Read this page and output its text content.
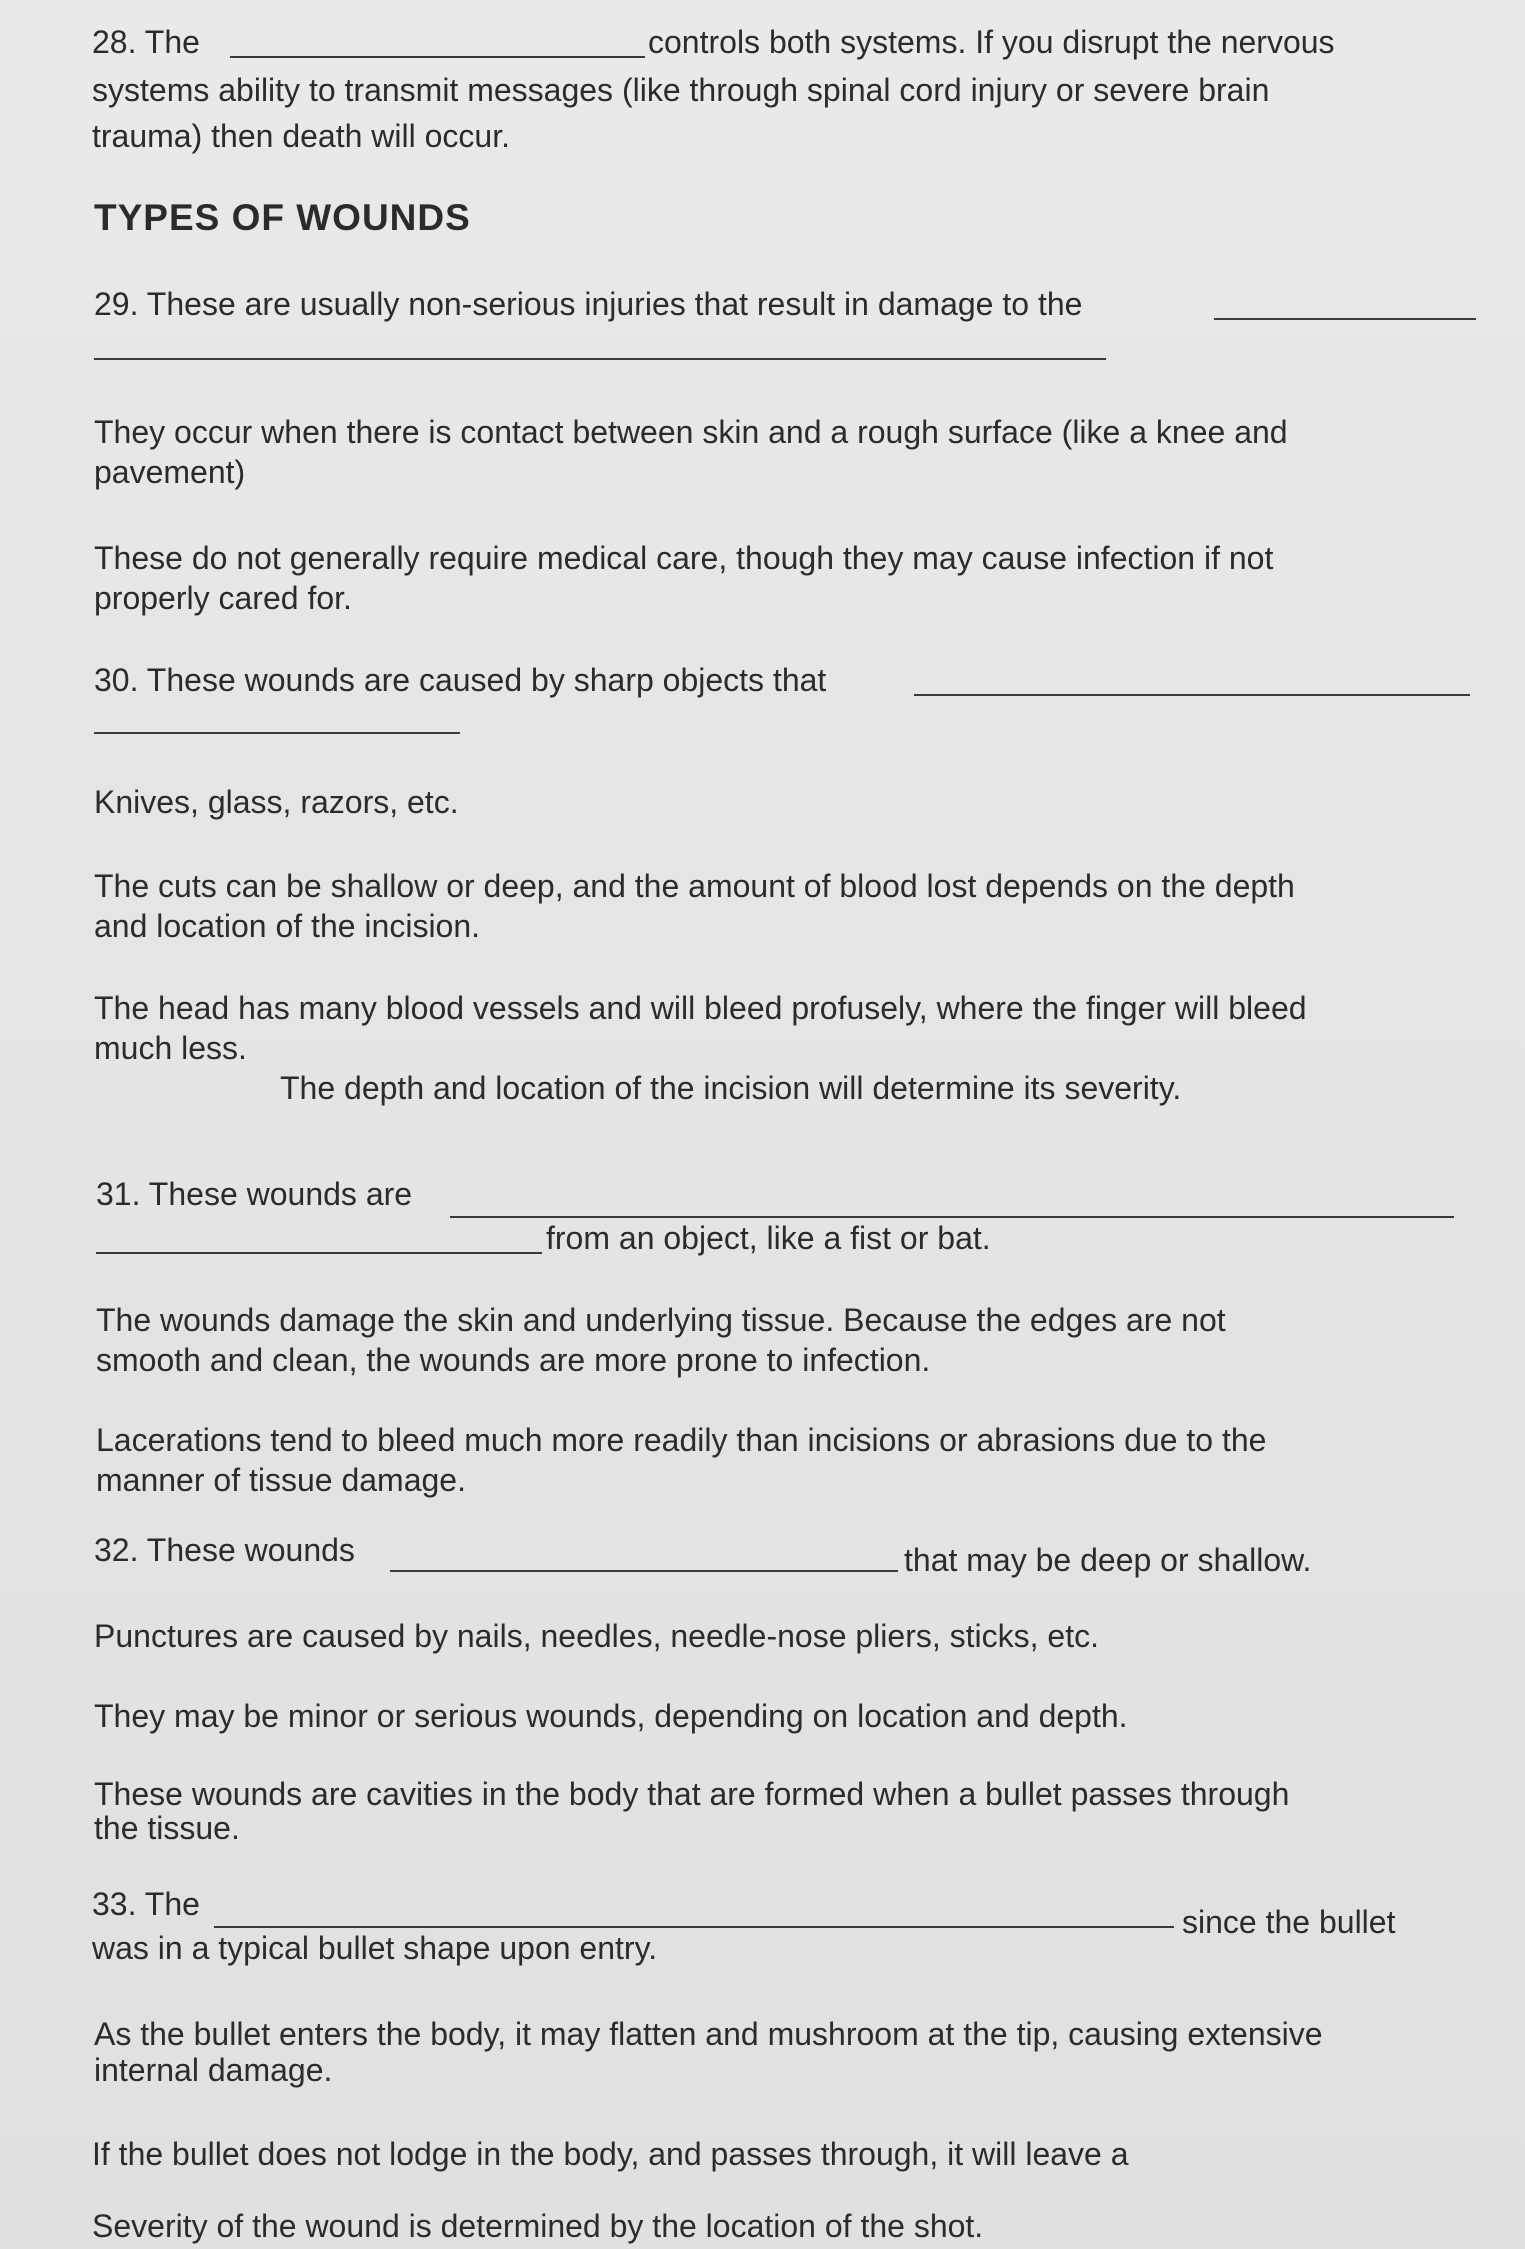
28. The	controls both systems. If you disrupt the nervous
systems ability to transmit messages (like through spinal cord injury or severe brain
trauma) then death will occur.
TYPES OF WOUNDS
29. These are usually non-serious injuries that result in damage to the
They occur when there is contact between skin and a rough surface (like a knee and
pavement)
These do not generally require medical care, though they may cause infection if not
properly cared for.
30. These wounds are caused by sharp objects that
Knives, glass, razors, etc.
The cuts can be shallow or deep, and the amount of blood lost depends on the depth
and location of the incision.
The head has many blood vessels and will bleed profusely, where the finger will bleed
much less.
The depth and location of the incision will determine its severity.
31. These wounds are
from an object, like a fist or bat.
The wounds damage the skin and underlying tissue. Because the edges are not
smooth and clean, the wounds are more prone to infection.
Lacerations tend to bleed much more readily than incisions or abrasions due to the
manner of tissue damage.
32. These wounds	that may be deep or shallow.
Punctures are caused by nails, needles, needle-nose pliers, sticks, etc.
They may be minor or serious wounds, depending on location and depth.
These wounds are cavities in the body that are formed when a bullet passes through
the tissue.
33. The	since the bullet
was in a typical bullet shape upon entry.
As the bullet enters the body, it may flatten and mushroom at the tip, causing extensive
internal damage.
If the bullet does not lodge in the body, and passes through, it will leave a
Severity of the wound is determined by the location of the shot.
